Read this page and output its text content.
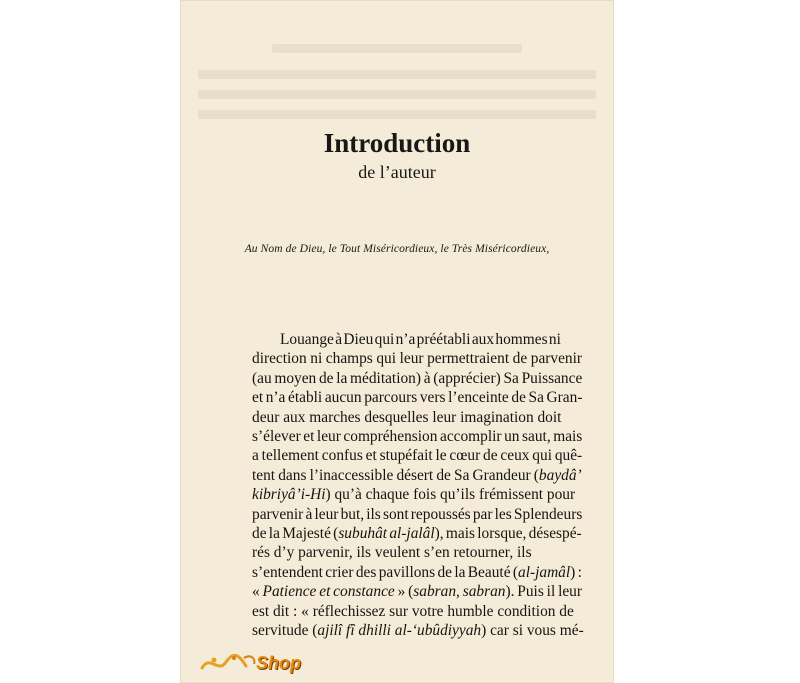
Introduction
de l’auteur
Au Nom de Dieu, le Tout Miséricordieux, le Très Miséricordieux,
Louange à Dieu qui n’a préétabli aux hommes ni
direction ni champs qui leur permettraient de parvenir
(au moyen de la méditation) à (apprécier) Sa Puissance
et n’a établi aucun parcours vers l’enceinte de Sa Gran-
deur aux marches desquelles leur imagination doit
s’élever et leur compréhension accomplir un saut, mais
a tellement confus et stupéfait le cœur de ceux qui quê-
tent dans l’inaccessible désert de Sa Grandeur (baydâ’
kibriyâ’i-Hi) qu’à chaque fois qu’ils frémissent pour
parvenir à leur but, ils sont repoussés par les Splendeurs
de la Majesté (subuhât al-jalâl), mais lorsque, désespé-
rés d’y parvenir, ils veulent s’en retourner, ils
s’entendent crier des pavillons de la Beauté (al-jamâl) :
« Patience et constance » (sabran, sabran). Puis il leur
est dit : « réflechissez sur votre humble condition de
servitude (ajilî fî dhilli al-‘ubûdiyyah) car si vous mé-
Shop
